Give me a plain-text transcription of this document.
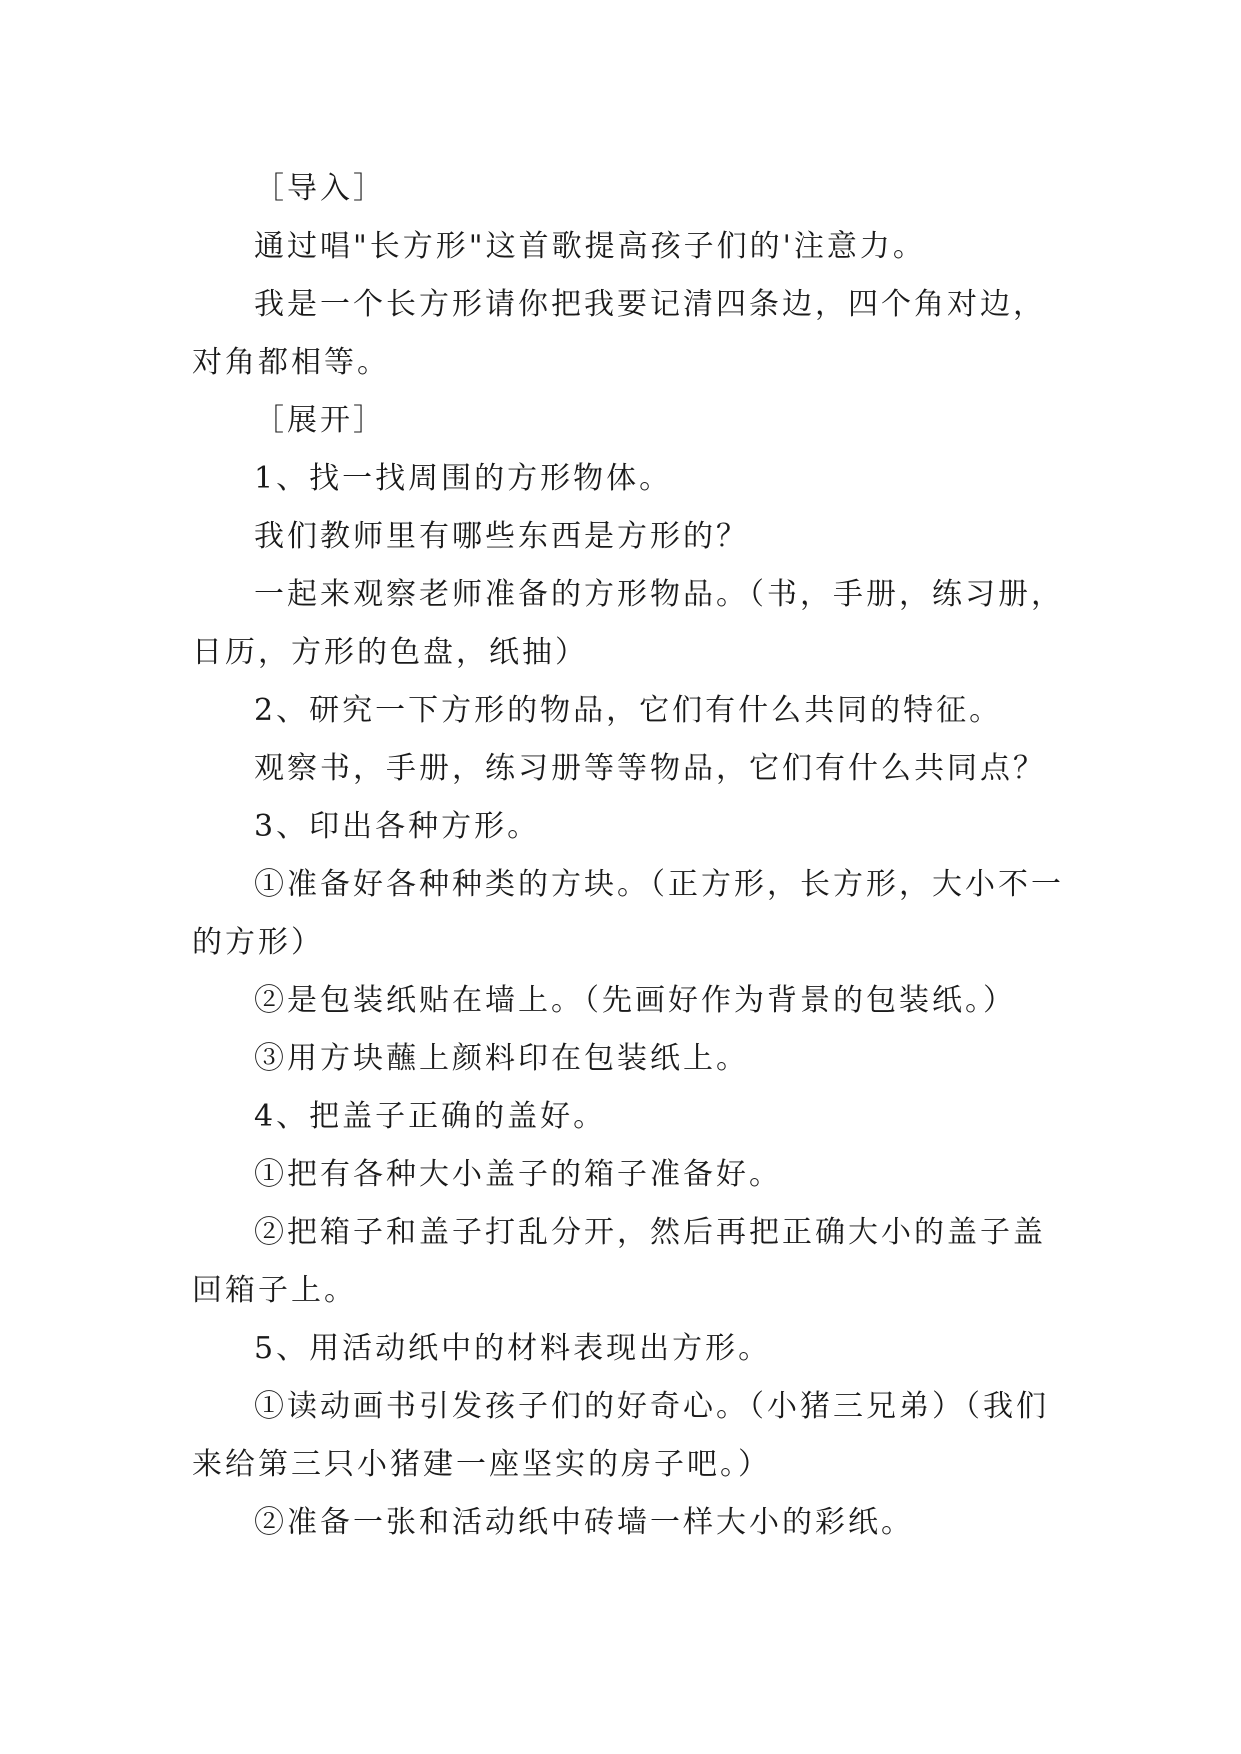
［导入］

通过唱"长方形"这首歌提高孩子们的'注意力。

我是一个长方形请你把我要记清四条边，四个角对边，对角都相等。

［展开］

1、找一找周围的方形物体。

我们教师里有哪些东西是方形的？

一起来观察老师准备的方形物品。（书，手册，练习册，日历，方形的色盘，纸抽）

2、研究一下方形的物品，它们有什么共同的特征。

观察书，手册，练习册等等物品，它们有什么共同点？

3、印出各种方形。

①准备好各种种类的方块。（正方形，长方形，大小不一的方形）

②是包装纸贴在墙上。（先画好作为背景的包装纸。）

③用方块蘸上颜料印在包装纸上。

4、把盖子正确的盖好。

①把有各种大小盖子的箱子准备好。

②把箱子和盖子打乱分开，然后再把正确大小的盖子盖回箱子上。

5、用活动纸中的材料表现出方形。

①读动画书引发孩子们的好奇心。（小猪三兄弟）（我们来给第三只小猪建一座坚实的房子吧。）

②准备一张和活动纸中砖墙一样大小的彩纸。
